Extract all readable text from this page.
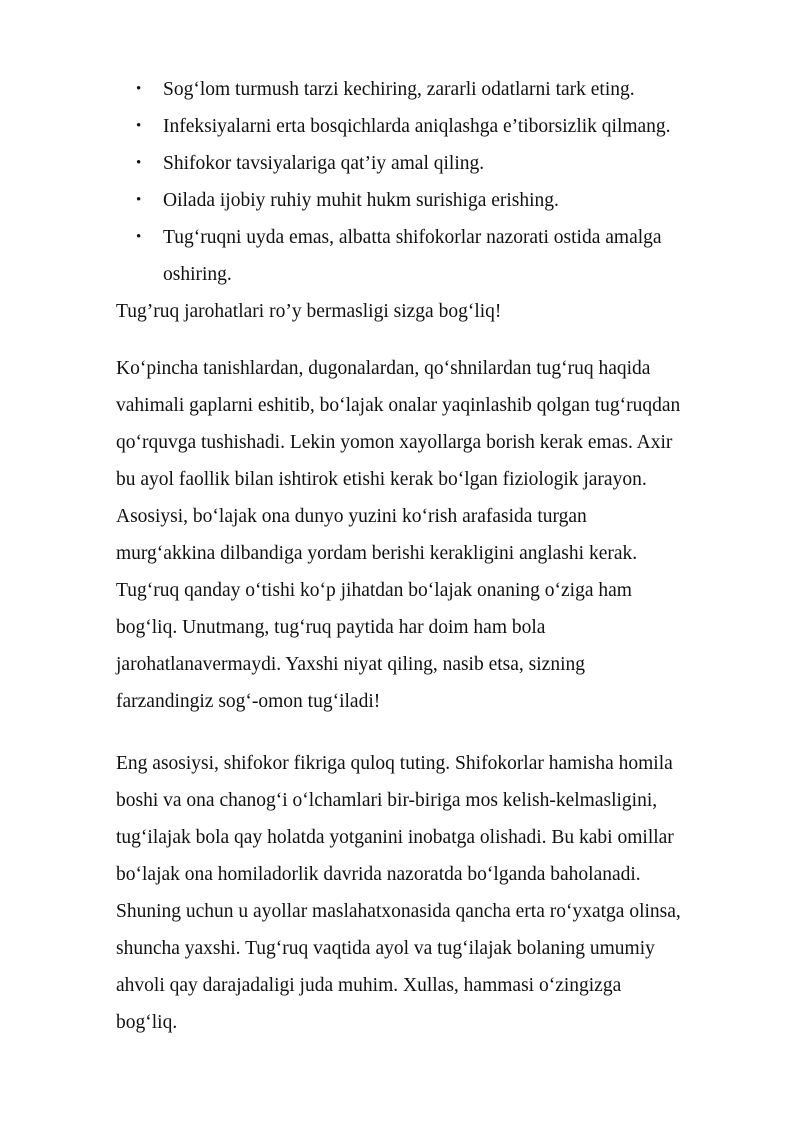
• Sog‘lom turmush tarzi kechiring, zararli odatlarni tark eting.
• Infeksiyalarni erta bosqichlarda aniqlashga e’tiborsizlik qilmang.
• Shifokor tavsiyalariga qat’iy amal qiling.
• Oilada ijobiy ruhiy muhit hukm surishiga erishing.
• Tug‘ruqni uyda emas, albatta shifokorlar nazorati ostida amalga
oshiring.

Tug’ruq jarohatlari ro’y bermasligi sizga bog‘liq!

Ko‘pincha tanishlardan, dugonalardan, qo‘shnilardan tug‘ruq haqida
vahimali gaplarni eshitib, bo‘lajak onalar yaqinlashib qolgan tug‘ruqdan
qo‘rquvga tushishadi. Lekin yomon xayollarga borish kerak emas. Axir
bu ayol faollik bilan ishtirok etishi kerak bo‘lgan fiziologik jarayon.
Asosiysi, bo‘lajak ona dunyo yuzini ko‘rish arafasida turgan
murg‘akkina dilbandiga yordam berishi kerakligini anglashi kerak.
Tug‘ruq qanday o‘tishi ko‘p jihatdan bo‘lajak onaning o‘ziga ham
bog‘liq. Unutmang, tug‘ruq paytida har doim ham bola
jarohatlanavermaydi. Yaxshi niyat qiling, nasib etsa, sizning
farzandingiz sog‘-omon tug‘iladi!

Eng asosiysi, shifokor fikriga quloq tuting. Shifokorlar hamisha homila
boshi va ona chanog‘i o‘lchamlari bir-biriga mos kelish-kelmasligini,
tug‘ilajak bola qay holatda yotganini inobatga olishadi. Bu kabi omillar
bo‘lajak ona homiladorlik davrida nazoratda bo‘lganda baholanadi.
Shuning uchun u ayollar maslahatxonasida qancha erta ro‘yxatga olinsa,
shuncha yaxshi. Tug‘ruq vaqtida ayol va tug‘ilajak bolaning umumiy
ahvoli qay darajadaligi juda muhim. Xullas, hammasi o‘zingizga
bog‘liq.
